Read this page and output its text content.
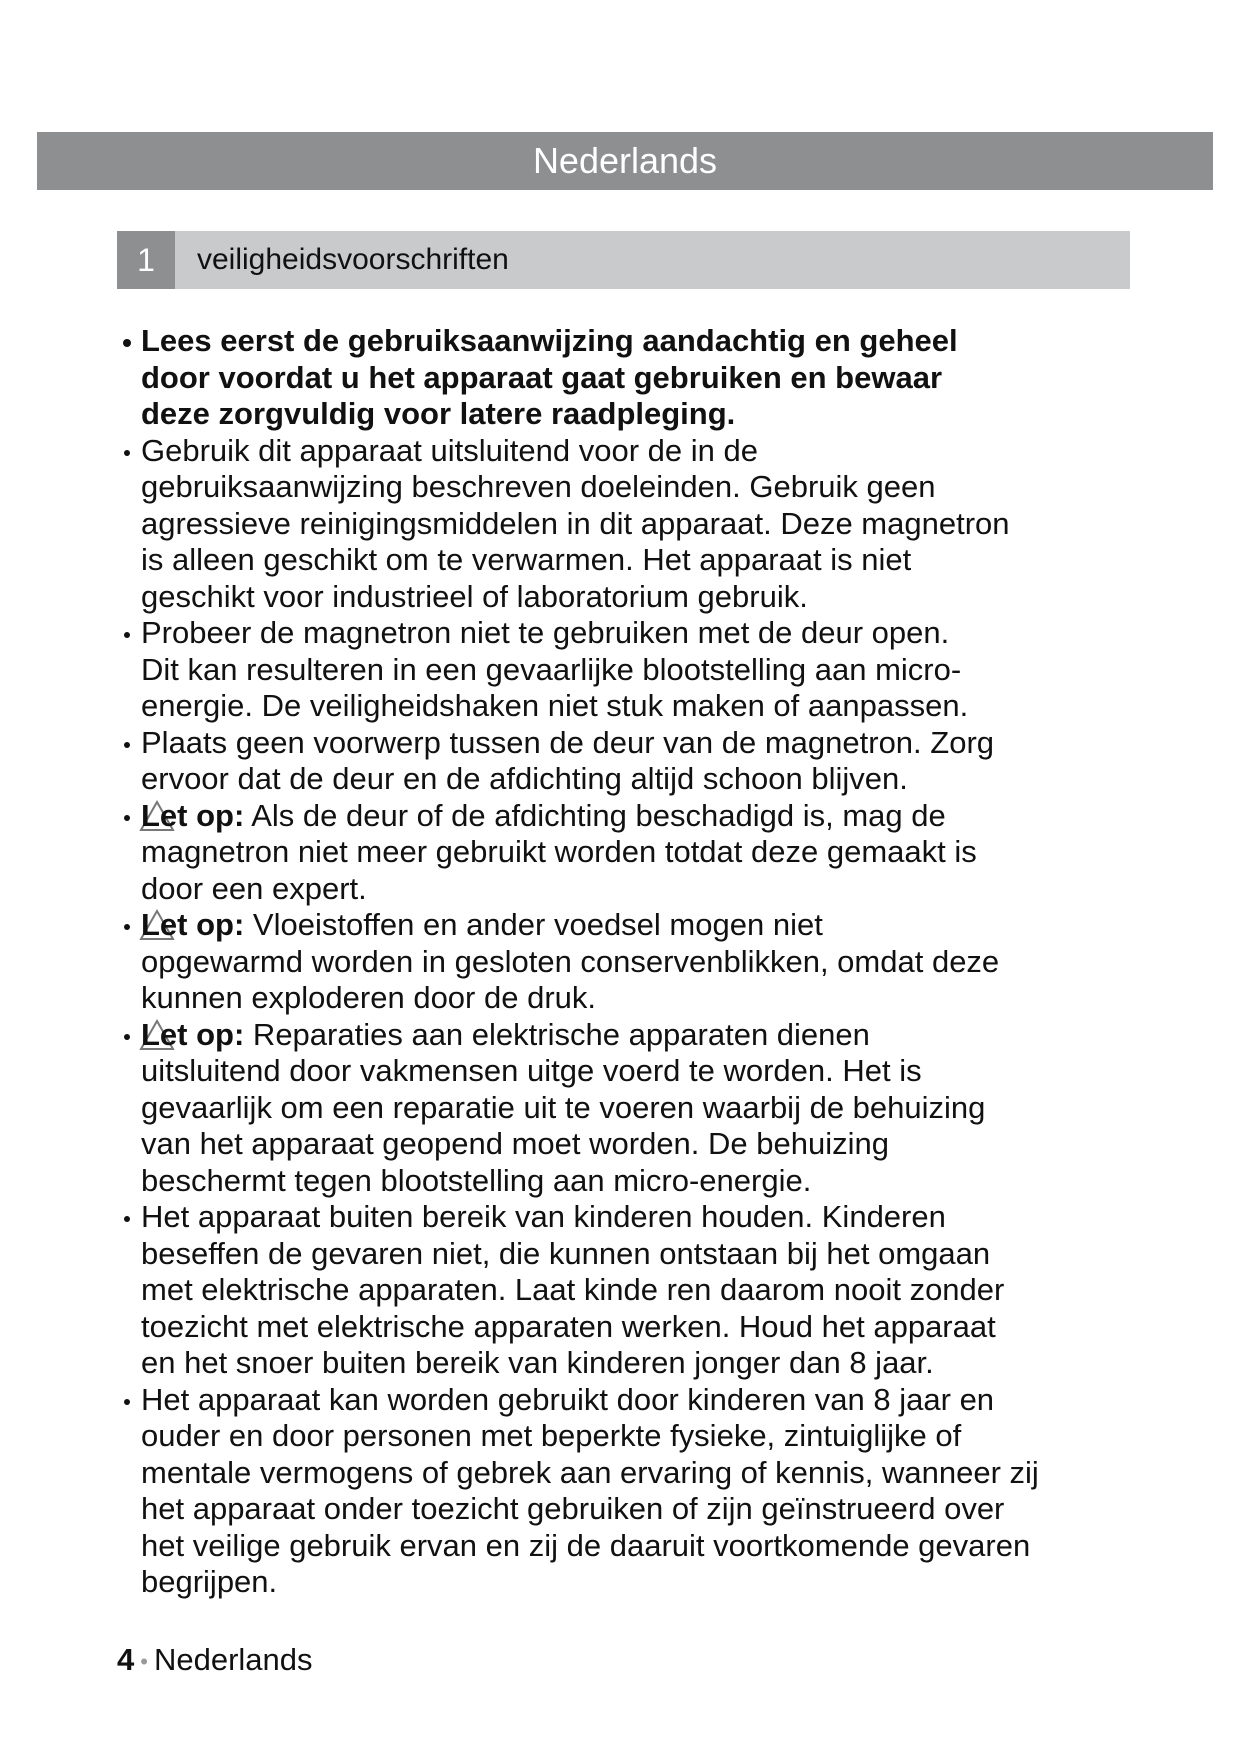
Nederlands
1	veiligheidsvoorschriften
Lees eerst de gebruiksaanwijzing aandachtig en geheel
door voordat u het apparaat gaat gebruiken en bewaar
deze zorgvuldig voor latere raadpleging.
Gebruik dit apparaat uitsluitend voor de in de
gebruiksaanwijzing beschreven doeleinden. Gebruik geen
agressieve reinigingsmiddelen in dit apparaat. Deze magnetron
is alleen geschikt om te verwarmen. Het apparaat is niet
geschikt voor industrieel of laboratorium gebruik.
Probeer de magnetron niet te gebruiken met de deur open.
Dit kan resulteren in een gevaarlijke blootstelling aan micro-
energie. De veiligheidshaken niet stuk maken of aanpassen.
Plaats geen voorwerp tussen de deur van de magnetron. Zorg
ervoor dat de deur en de afdichting altijd schoon blijven.
Let op: Als de deur of de afdichting beschadigd is, mag de
magnetron niet meer gebruikt worden totdat deze gemaakt is
door een expert.
Let op: Vloeistoffen en ander voedsel mogen niet
opgewarmd worden in gesloten conservenblikken, omdat deze
kunnen exploderen door de druk.
Let op: Reparaties aan elektrische apparaten dienen
uitsluitend door vakmensen uitge voerd te worden. Het is
gevaarlijk om een reparatie uit te voeren waarbij de behuizing
van het apparaat geopend moet worden. De behuizing
beschermt tegen blootstelling aan micro-energie.
Het apparaat buiten bereik van kinderen houden. Kinderen
beseffen de gevaren niet, die kunnen ontstaan bij het omgaan
met elektrische apparaten. Laat kinde ren daarom nooit zonder
toezicht met elektrische apparaten werken. Houd het apparaat
en het snoer buiten bereik van kinderen jonger dan 8 jaar.
Het apparaat kan worden gebruikt door kinderen van 8 jaar en
ouder en door personen met beperkte fysieke, zintuiglijke of
mentale vermogens of gebrek aan ervaring of kennis, wanneer zij
het apparaat onder toezicht gebruiken of zijn geïnstrueerd over
het veilige gebruik ervan en zij de daaruit voortkomende gevaren
begrijpen.
4 • Nederlands
